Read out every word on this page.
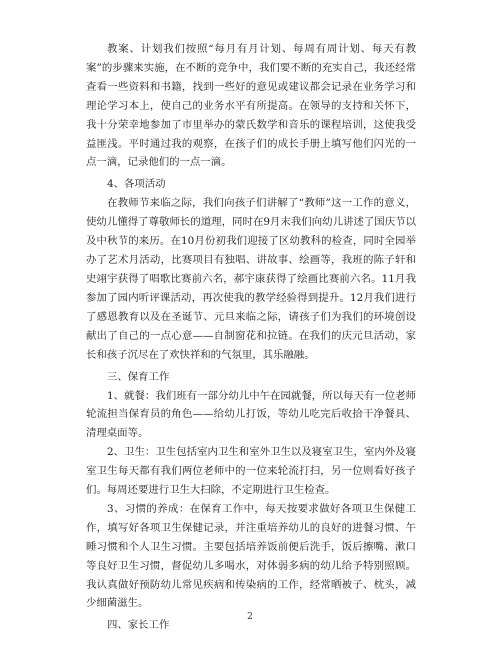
教案、计划我们按照“每月有月计划、每周有周计划、每天有教案”的步骤来实施，在不断的竞争中，我们要不断的充实自己，我还经常查看一些资料和书籍，找到一些好的意见或建议都会记录在业务学习和理论学习本上，使自己的业务水平有所提高。在领导的支持和关怀下，我十分荣幸地参加了市里举办的蒙氏数学和音乐的课程培训，这使我受益匪浅。平时通过我的观察，在孩子们的成长手册上填写他们闪光的一点一滴，记录他们的一点一滴。

4、各项活动

在教师节来临之际，我们向孩子们讲解了“教师”这一工作的意义，使幼儿懂得了尊敬师长的道理，同时在9月末我们向幼儿讲述了国庆节以及中秋节的来历。在10月份初我们迎接了区幼教科的检查，同时全园举办了艺术月活动，比赛项目有独唱、讲故事、绘画等，我班的陈子轩和史翊宇获得了唱歌比赛前六名，郝宇康获得了绘画比赛前六名。11月我参加了园内听评课活动，再次使我的教学经验得到提升。12月我们进行了感恩教育以及在圣诞节、元旦来临之际，请孩子们为我们的环境创设献出了自己的一点心意——自制窗花和拉链。在我们的庆元旦活动，家长和孩子沉尽在了欢快祥和的气氛里，其乐融融。

三、保育工作

1、就餐：我们班有一部分幼儿中午在园就餐，所以每天有一位老师轮流担当保育员的角色——给幼儿打饭，等幼儿吃完后收拾干净餐具、清理桌面等。

2、卫生：卫生包括室内卫生和室外卫生以及寝室卫生，室内外及寝室卫生每天都有我们两位老师中的一位来轮流打扫，另一位则看好孩子们。每周还要进行卫生大扫除，不定期进行卫生检查。

3、习惯的养成：在保育工作中，每天按要求做好各项卫生保健工作，填写好各项卫生保健记录，并注重培养幼儿的良好的进餐习惯、午睡习惯和个人卫生习惯。主要包括培养饭前便后洗手，饭后擦嘴、漱口等良好卫生习惯，督促幼儿多喝水，对体弱多病的幼儿给予特别照顾。我认真做好预防幼儿常见疾病和传染病的工作，经常晒被子、枕头，减少细菌滋生。

四、家长工作

2
